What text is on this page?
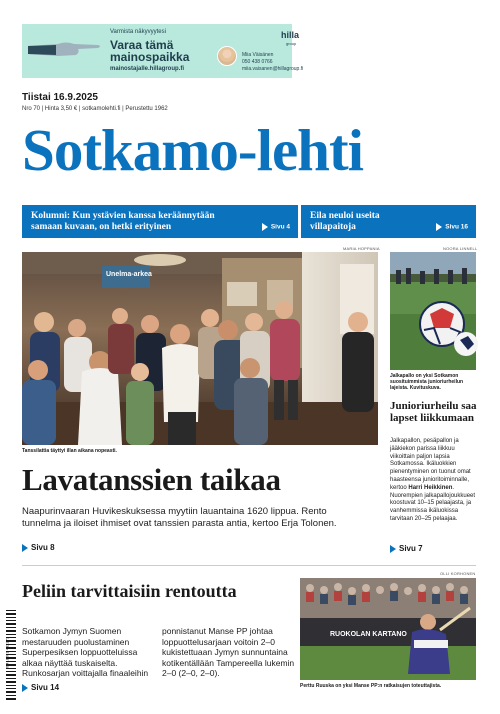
Varmista näkyvyytesi
Varaa tämä mainospaikka
mainostajalle.hillagroup.fi
Miia Väisänen
050 438 0766
miia.vaisanen@hillagroup.fi
hilla
group
Tiistai 16.9.2025
Nro 70 | Hinta 3,50 € | sotkamolehti.fi | Perustettu 1962
Sotkamo-lehti
Kolumni: Kun ystävien kanssa keräännytään samaan kuvaan, on hetki erityinen	Sivu 4
Eila neuloi useita villapaitoja	Sivu 16
MARIA HOPPANIA	NOORA LINNELL
Unelma-arkea
Tanssilattia täyttyi illan aikana nopeasti.
Lavatanssien taikaa
Naapurinvaaran Huvikeskuksessa myytiin lauantaina 1620 lippua. Rento tunnelma ja iloiset ihmiset ovat tanssien parasta antia, kertoo Erja Tolonen.
Sivu 8
Jalkapallo on yksi Sotkamon suosituimmista junioriurheilun lajeista. Kuvituskuva.
Junioriurheilu saa lapset liikkumaan
Jalkapallon, pesäpallon ja jääkiekon parissa liikkuu viikoittain paljon lapsia Sotkamossa. Ikäluokkien pienentyminen on tuonut omat haasteensa junioritoiminnalle, kertoo Harri Heikkinen. Nuorempien jalkapallojoukkueet koostuvat 10–15 pelaajasta, ja vanhemmissa ikäluokissa tarvitaan 20–25 pelaajaa.
Sivu 7
OLLI KORHONEN
Peliin tarvittaisiin rentoutta
6 418661 432373
Sotkamon Jymyn Suomen mestaruuden puolustaminen Superpesiksen loppuotteluissa alkaa näyttää tuskaiselta. Runkosarjan voittajalla finaaleihin
ponnistanut Manse PP johtaa loppuottelusarjaan voitoin 2–0 kukistettuaan Jymyn sunnuntaina kotikentällään Tampereella lukemin 2–0 (2–0, 2–0).
Sivu 14
RUOKOLAN KARTANO
Perttu Ruuska on yksi Manse PP:n ratkaisujen toteuttajista.
